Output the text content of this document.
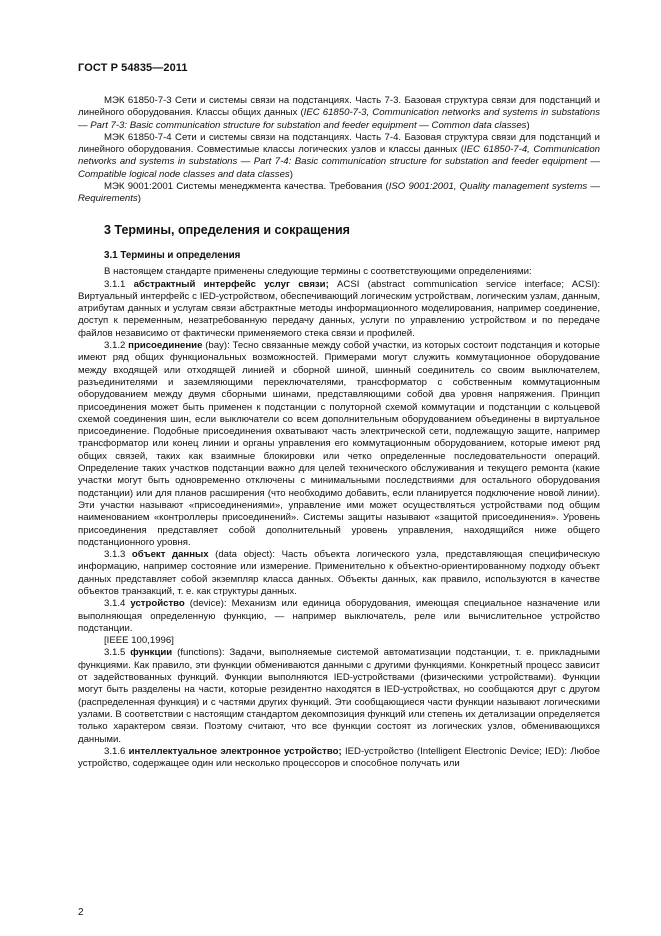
ГОСТ Р 54835—2011

МЭК 61850-7-3 Сети и системы связи на подстанциях. Часть 7-3. Базовая структура связи для подстанций и линейного оборудования. Классы общих данных (IEC 61850-7-3, Communication networks and systems in substations — Part 7-3: Basic communication structure for substation and feeder equipment — Common data classes)

МЭК 61850-7-4 Сети и системы связи на подстанциях. Часть 7-4. Базовая структура связи для подстанций и линейного оборудования. Совместимые классы логических узлов и классы данных (IEC 61850-7-4, Communication networks and systems in substations — Part 7-4: Basic communication structure for substation and feeder equipment — Compatible logical node classes and data classes)

МЭК 9001:2001 Системы менеджмента качества. Требования (ISO 9001:2001, Quality management systems — Requirements)

3 Термины, определения и сокращения
3.1 Термины и определения

В настоящем стандарте применены следующие термины с соответствующими определениями:

3.1.1 абстрактный интерфейс услуг связи; ACSI (abstract communication service interface; ACSI): Виртуальный интерфейс с IED-устройством, обеспечивающий логическим устройствам, логическим узлам, данным, атрибутам данных и услугам связи абстрактные методы информационного моделирования, например соединение, доступ к переменным, незатребованную передачу данных, услуги по управлению устройством и по передаче файлов независимо от фактически применяемого стека связи и профилей.

3.1.2 присоединение (bay): Тесно связанные между собой участки, из которых состоит подстанция и которые имеют ряд общих функциональных возможностей. Примерами могут служить коммутационное оборудование между входящей или отходящей линией и сборной шиной, шинный соединитель со своим выключателем, разъединителями и заземляющими переключателями, трансформатор с собственным коммутационным оборудованием между двумя сборными шинами, представляющими собой два уровня напряжения. Принцип присоединения может быть применен к подстанции с полуторной схемой коммутации и подстанции с кольцевой схемой соединения шин, если выключатели со всем дополнительным оборудованием объединены в виртуальное присоединение. Подобные присоединения охватывают часть электрической сети, подлежащую защите, например трансформатор или конец линии и органы управления его коммутационным оборудованием, которые имеют ряд общих связей, таких как взаимные блокировки или четко определенные последовательности операций. Определение таких участков подстанции важно для целей технического обслуживания и текущего ремонта (какие участки могут быть одновременно отключены с минимальными последствиями для остального оборудования подстанции) или для планов расширения (что необходимо добавить, если планируется подключение новой линии). Эти участки называют «присоединениями», управление ими может осуществляться устройствами под общим наименованием «контроллеры присоединений». Системы защиты называют «защитой присоединения». Уровень присоединения представляет собой дополнительный уровень управления, находящийся ниже общего подстанционного уровня.

3.1.3 объект данных (data object): Часть объекта логического узла, представляющая специфическую информацию, например состояние или измерение. Применительно к объектно-ориентированному подходу объект данных представляет собой экземпляр класса данных. Объекты данных, как правило, используются в качестве объектов транзакций, т. е. как структуры данных.

3.1.4 устройство (device): Механизм или единица оборудования, имеющая специальное назначение или выполняющая определенную функцию, — например выключатель, реле или вычислительное устройство подстанции.

[IEEE 100,1996]

3.1.5 функции (functions): Задачи, выполняемые системой автоматизации подстанции, т. е. прикладными функциями. Как правило, эти функции обмениваются данными с другими функциями. Конкретный процесс зависит от задействованных функций. Функции выполняются IED-устройствами (физическими устройствами). Функции могут быть разделены на части, которые резидентно находятся в IED-устройствах, но сообщаются друг с другом (распределенная функция) и с частями других функций. Эти сообщающиеся части функции называют логическими узлами. В соответствии с настоящим стандартом декомпозиция функций или степень их детализации определяется только характером связи. Поэтому считают, что все функции состоят из логических узлов, обменивающихся данными.

3.1.6 интеллектуальное электронное устройство; IED-устройство (Intelligent Electronic Device; IED): Любое устройство, содержащее один или несколько процессоров и способное получать или

2
